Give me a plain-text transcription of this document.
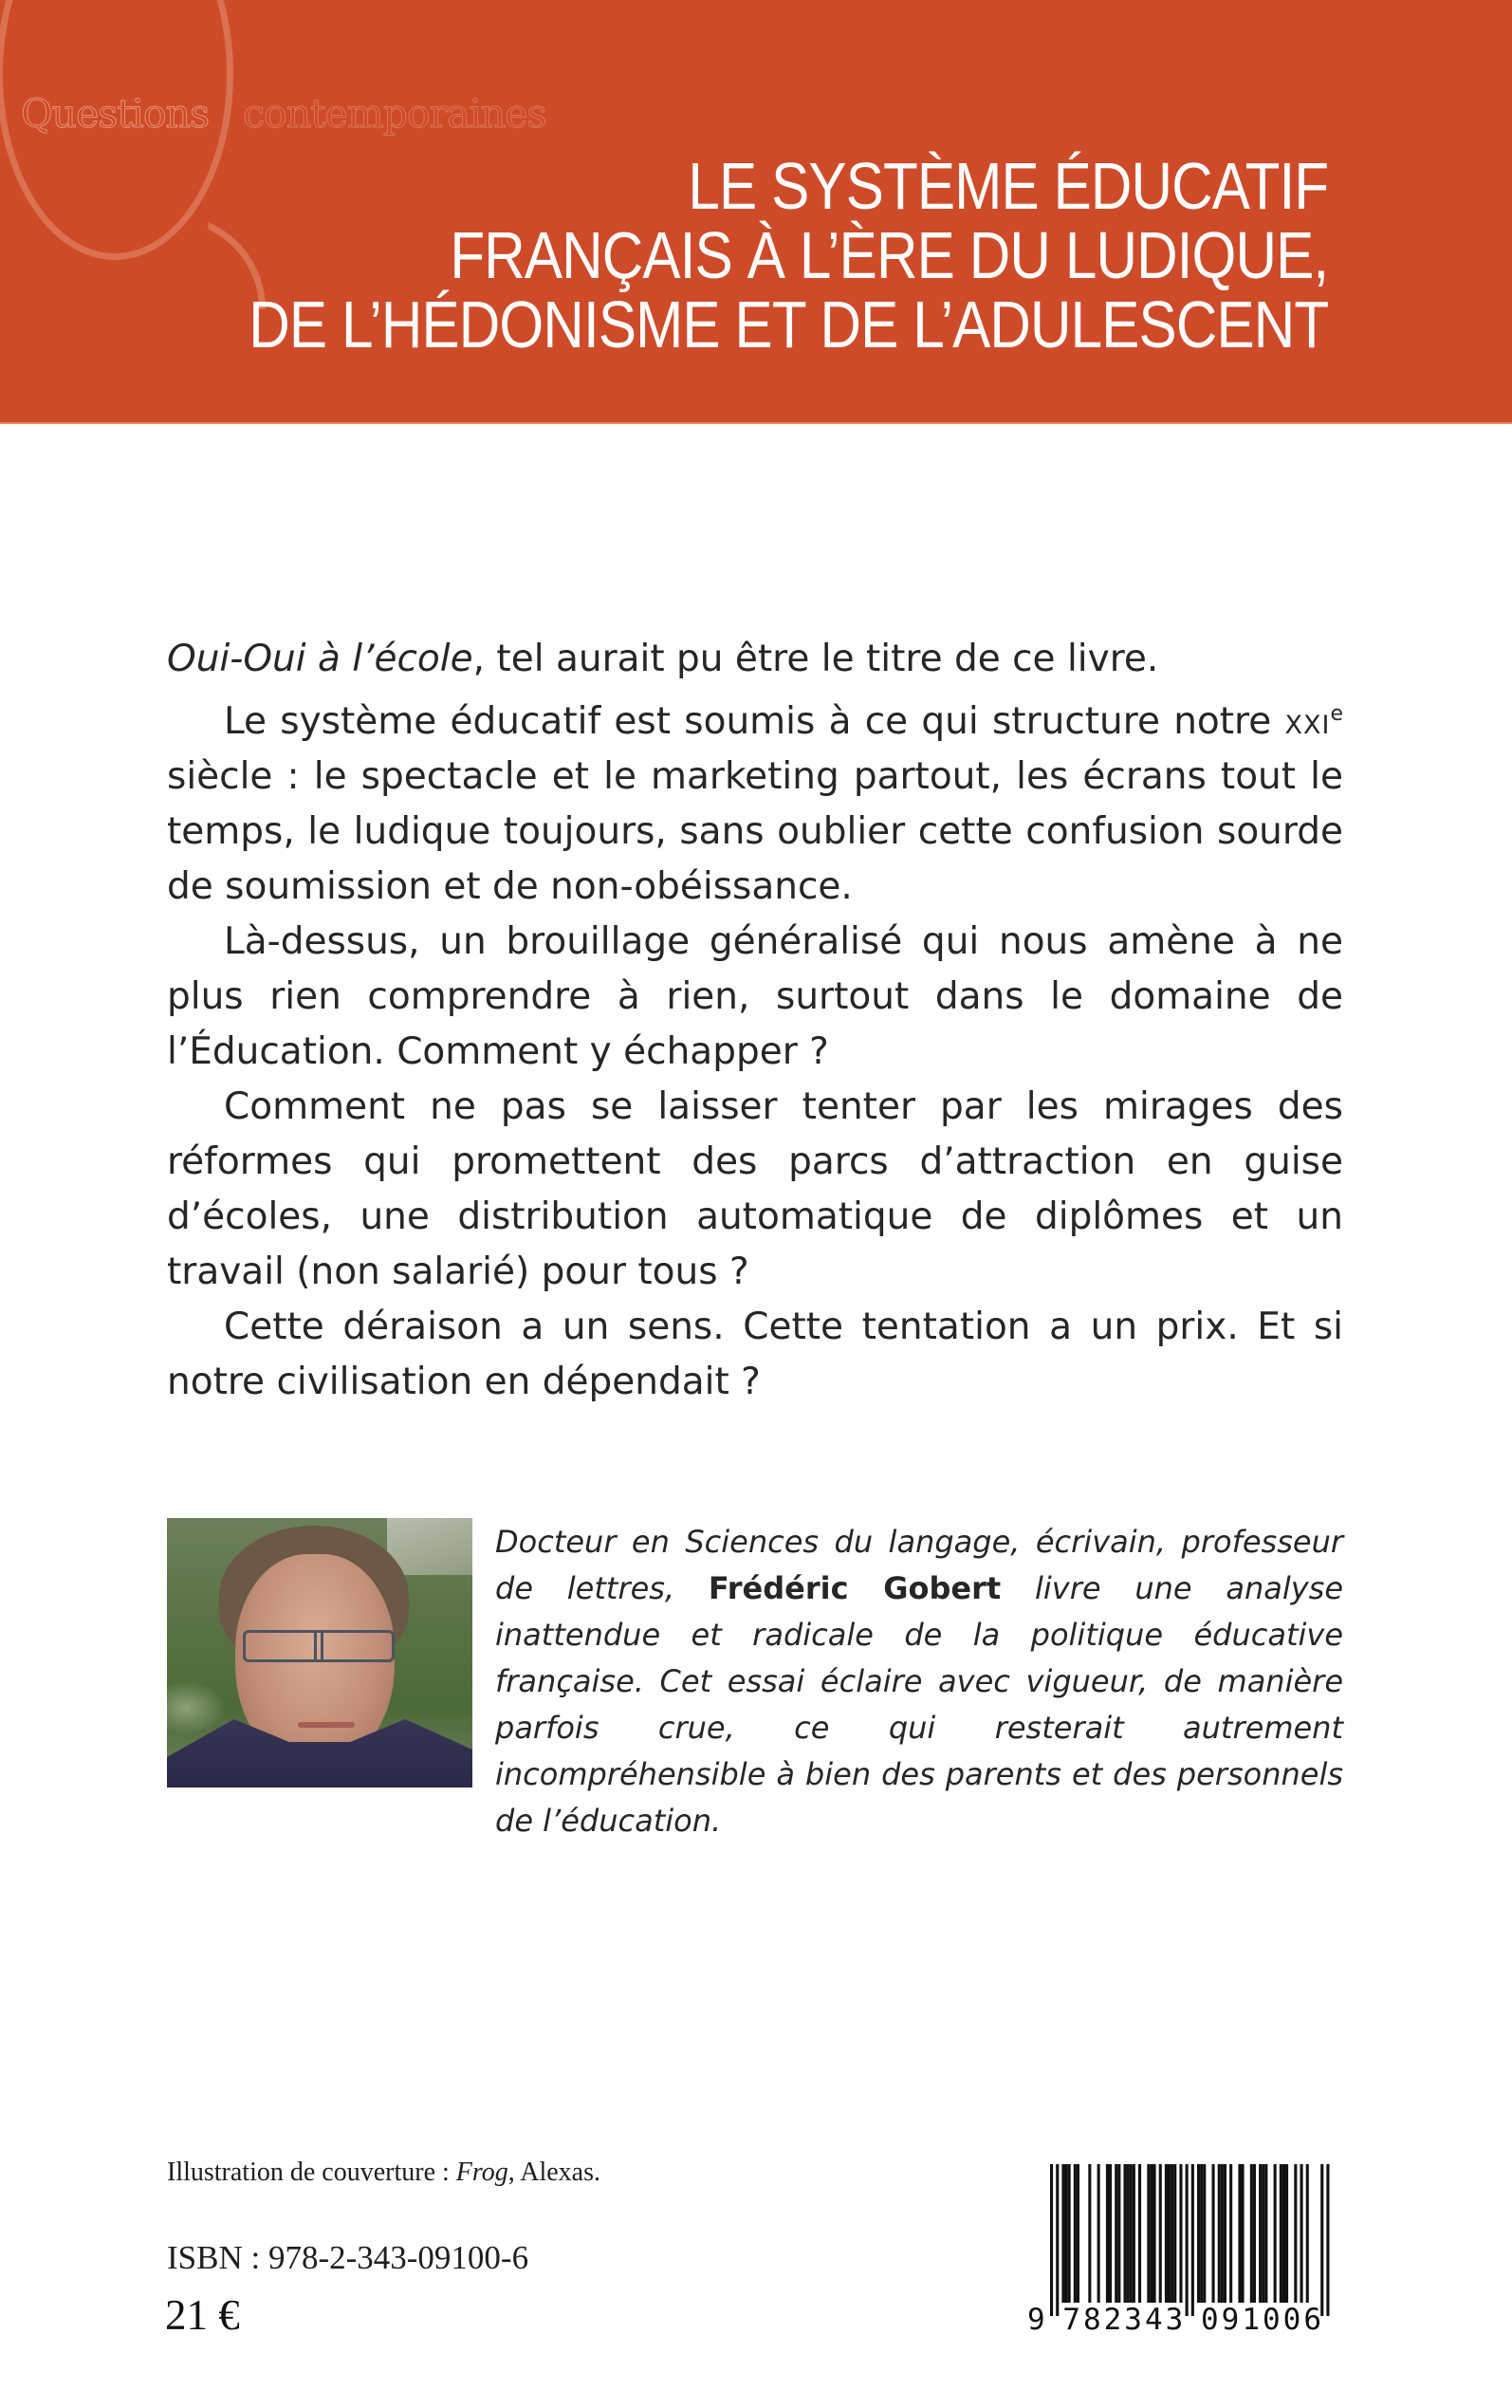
Questions contemporaines
LE SYSTÈME ÉDUCATIF
FRANÇAIS À L’ÈRE DU LUDIQUE,
DE L’HÉDONISME ET DE L’ADULESCENT

Oui-Oui à l’école, tel aurait pu être le titre de ce livre.

Le système éducatif est soumis à ce qui structure notre xxi$^e$ siècle : le spectacle et le marketing partout, les écrans tout le temps, le ludique toujours, sans oublier cette confusion sourde de soumission et de non-obéissance.

Là-dessus, un brouillage généralisé qui nous amène à ne plus rien comprendre à rien, surtout dans le domaine de l’Éducation. Comment y échapper ?

Comment ne pas se laisser tenter par les mirages des réformes qui promettent des parcs d’attraction en guise d’écoles, une distribution automatique de diplômes et un travail (non salarié) pour tous ?

Cette déraison a un sens. Cette tentation a un prix. Et si notre civilisation en dépendait ?

Docteur en Sciences du langage, écrivain, professeur de lettres, Frédéric Gobert livre une analyse inattendue et radicale de la politique éducative française. Cet essai éclaire avec vigueur, de manière parfois crue, ce qui resterait autrement incompréhensible à bien des parents et des personnels de l’éducation.
Illustration de couverture : Frog, Alexas.
ISBN : 978-2-343-09100-6
21 €	9 782343 091006
